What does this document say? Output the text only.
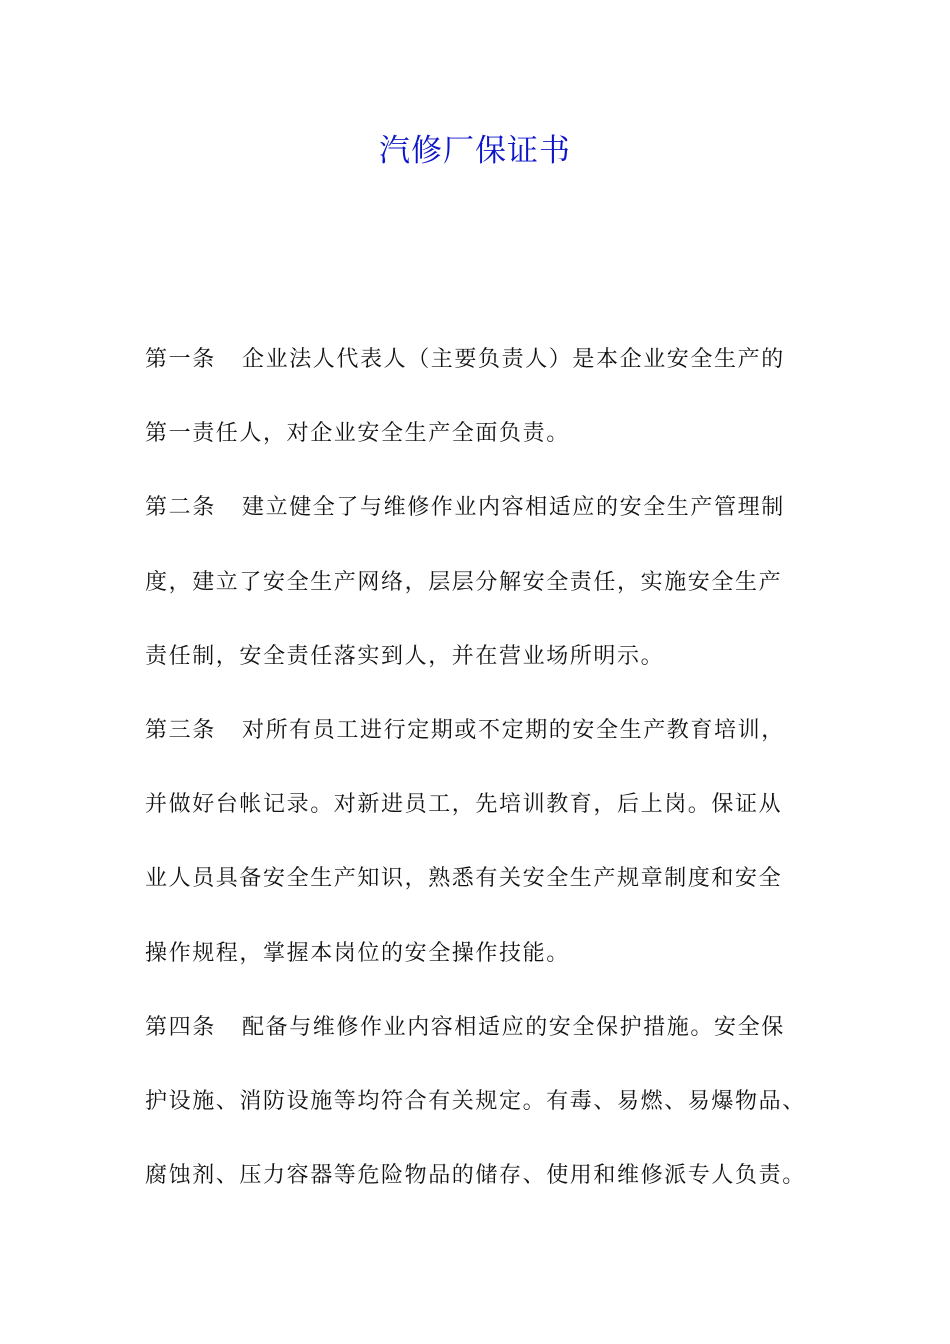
汽修厂保证书
第一条 企业法人代表人（主要负责人）是本企业安全生产的
第一责任人，对企业安全生产全面负责。
第二条 建立健全了与维修作业内容相适应的安全生产管理制
度，建立了安全生产网络，层层分解安全责任，实施安全生产
责任制，安全责任落实到人，并在营业场所明示。
第三条 对所有员工进行定期或不定期的安全生产教育培训，
并做好台帐记录。对新进员工，先培训教育，后上岗。保证从
业人员具备安全生产知识，熟悉有关安全生产规章制度和安全
操作规程，掌握本岗位的安全操作技能。
第四条 配备与维修作业内容相适应的安全保护措施。安全保
护设施、消防设施等均符合有关规定。有毒、易燃、易爆物品、
腐蚀剂、压力容器等危险物品的储存、使用和维修派专人负责。
